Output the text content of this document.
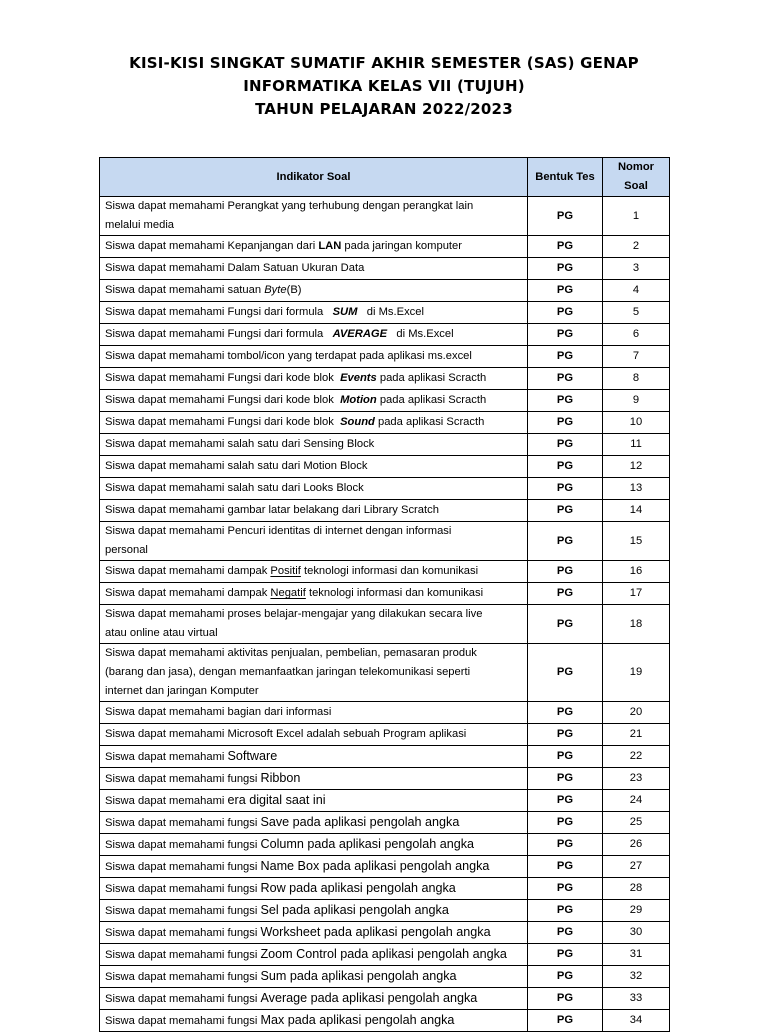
KISI-KISI SINGKAT SUMATIF AKHIR SEMESTER (SAS) GENAP
INFORMATIKA KELAS VII (TUJUH)
TAHUN PELAJARAN 2022/2023
Indikator Soal	Bentuk Tes	Nomor
Soal
Siswa dapat memahami Perangkat yang terhubung dengan perangkat lain
melalui media	PG	1
Siswa dapat memahami Kepanjangan dari LAN pada jaringan komputer	PG	2
Siswa dapat memahami Dalam Satuan Ukuran Data	PG	3
Siswa dapat memahami satuan Byte(B)	PG	4
Siswa dapat memahami Fungsi dari formula   SUM   di Ms.Excel	PG	5
Siswa dapat memahami Fungsi dari formula   AVERAGE   di Ms.Excel	PG	6
Siswa dapat memahami tombol/icon yang terdapat pada aplikasi ms.excel	PG	7
Siswa dapat memahami Fungsi dari kode blok  Events pada aplikasi Scracth	PG	8
Siswa dapat memahami Fungsi dari kode blok  Motion pada aplikasi Scracth	PG	9
Siswa dapat memahami Fungsi dari kode blok  Sound pada aplikasi Scracth	PG	10
Siswa dapat memahami salah satu dari Sensing Block	PG	11
Siswa dapat memahami salah satu dari Motion Block	PG	12
Siswa dapat memahami salah satu dari Looks Block	PG	13
Siswa dapat memahami gambar latar belakang dari Library Scratch	PG	14
Siswa dapat memahami Pencuri identitas di internet dengan informasi
personal	PG	15
Siswa dapat memahami dampak Positif teknologi informasi dan komunikasi	PG	16
Siswa dapat memahami dampak Negatif teknologi informasi dan komunikasi	PG	17
Siswa dapat memahami proses belajar-mengajar yang dilakukan secara live
atau online atau virtual	PG	18
Siswa dapat memahami aktivitas penjualan, pembelian, pemasaran produk
(barang dan jasa), dengan memanfaatkan jaringan telekomunikasi seperti
internet dan jaringan Komputer	PG	19
Siswa dapat memahami bagian dari informasi	PG	20
Siswa dapat memahami Microsoft Excel adalah sebuah Program aplikasi	PG	21
Siswa dapat memahami Software	PG	22
Siswa dapat memahami fungsi Ribbon	PG	23
Siswa dapat memahami era digital saat ini	PG	24
Siswa dapat memahami fungsi Save pada aplikasi pengolah angka	PG	25
Siswa dapat memahami fungsi Column pada aplikasi pengolah angka	PG	26
Siswa dapat memahami fungsi Name Box pada aplikasi pengolah angka	PG	27
Siswa dapat memahami fungsi Row pada aplikasi pengolah angka	PG	28
Siswa dapat memahami fungsi Sel pada aplikasi pengolah angka	PG	29
Siswa dapat memahami fungsi Worksheet pada aplikasi pengolah angka	PG	30
Siswa dapat memahami fungsi Zoom Control pada aplikasi pengolah angka	PG	31
Siswa dapat memahami fungsi Sum pada aplikasi pengolah angka	PG	32
Siswa dapat memahami fungsi Average pada aplikasi pengolah angka	PG	33
Siswa dapat memahami fungsi Max pada aplikasi pengolah angka	PG	34
